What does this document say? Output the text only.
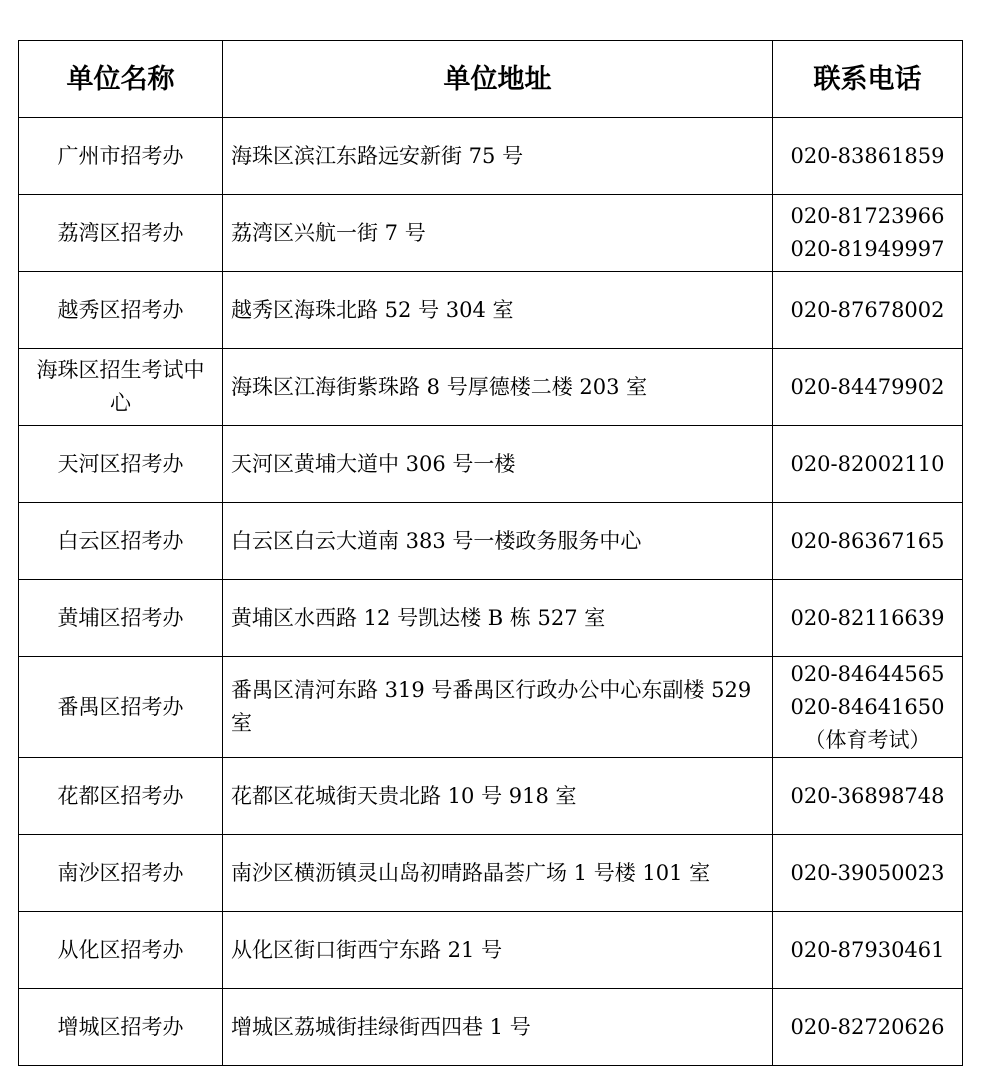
单位名称	单位地址	联系电话
广州市招考办	海珠区滨江东路远安新街 75 号	020-83861859

荔湾区招考办	荔湾区兴航一街 7 号	020-81723966
020-81949997

越秀区招考办	越秀区海珠北路 52 号 304 室	020-87678002

海珠区招生考试中心	海珠区江海街紫珠路 8 号厚德楼二楼 203 室	020-84479902

天河区招考办	天河区黄埔大道中 306 号一楼	020-82002110

白云区招考办	白云区白云大道南 383 号一楼政务服务中心	020-86367165

黄埔区招考办	黄埔区水西路 12 号凯达楼 B 栋 527 室	020-82116639

番禺区招考办	番禺区清河东路 319 号番禺区行政办公中心东副楼 529 室	020-84644565
020-84641650
（体育考试）

花都区招考办	花都区花城街天贵北路 10 号 918 室	020-36898748

南沙区招考办	南沙区横沥镇灵山岛初晴路晶荟广场 1 号楼 101 室	020-39050023

从化区招考办	从化区街口街西宁东路 21 号	020-87930461

增城区招考办	增城区荔城街挂绿街西四巷 1 号	020-82720626
